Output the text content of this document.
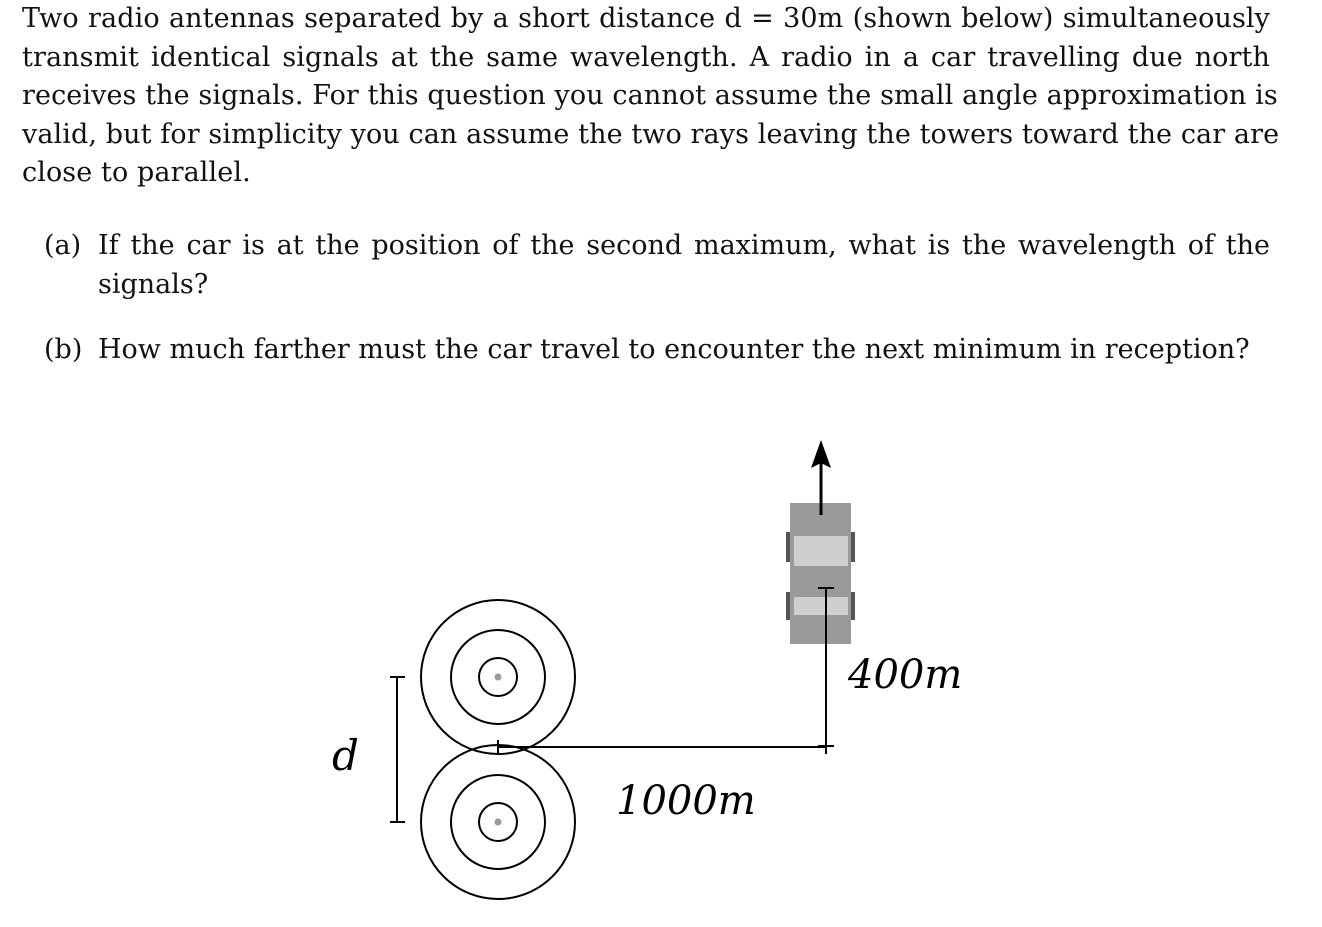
Two radio antennas separated by a short distance d = 30m (shown below) simultaneously
transmit identical signals at the same wavelength. A radio in a car travelling due north
receives the signals. For this question you cannot assume the small angle approximation is
valid, but for simplicity you can assume the two rays leaving the towers toward the car are
close to parallel.
(a) If the car is at the position of the second maximum, what is the wavelength of the
signals?
(b) How much farther must the car travel to encounter the next minimum in reception?
d
1000m
400m
